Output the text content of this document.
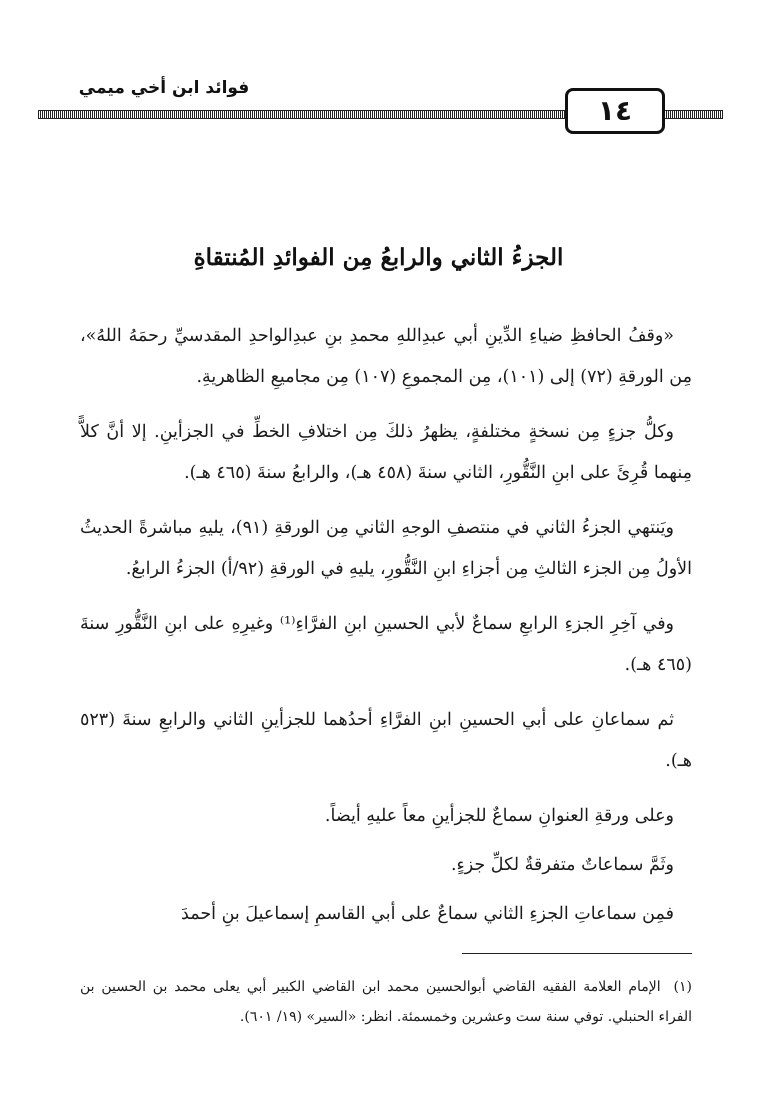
فوائد ابن أخي ميمي
١٤
الجزءُ الثاني والرابعُ مِن الفوائدِ المُنتقاةِ

«وقفُ الحافظِ ضياءِ الدِّينِ أبي عبدِاللهِ محمدِ بنِ عبدِالواحدِ المقدسيِّ رحمَهُ اللهُ»، مِن الورقةِ (٧٢) إلى (١٠١)، مِن المجموعِ (١٠٧) مِن مجاميعِ الظاهريةِ.

وكلُّ جزءٍ مِن نسخةٍ مختلفةٍ، يظهرُ ذلكَ مِن اختلافِ الخطِّ في الجزأينِ. إلا أنَّ كلاًّ مِنهما قُرِئَ على ابنِ النَّقُّورِ، الثاني سنةَ (٤٥٨ هـ)، والرابعُ سنةَ (٤٦٥ هـ).

ويَنتهي الجزءُ الثاني في منتصفِ الوجهِ الثاني مِن الورقةِ (٩١)، يليهِ مباشرةً الحديثُ الأولُ مِن الجزء الثالثِ مِن أجزاءِ ابنِ النَّقُّورِ، يليهِ في الورقةِ (٩٢/أ) الجزءُ الرابعُ.

وفي آخِرِ الجزءِ الرابعِ سماعٌ لأبي الحسينِ ابنِ الفرَّاءِ⁽¹⁾ وغيرِهِ على ابنِ النَّقُّورِ سنةَ (٤٦٥ هـ).

ثم سماعانِ على أبي الحسينِ ابنِ الفرَّاءِ أحدُهما للجزأينِ الثاني والرابعِ سنةَ (٥٢٣ هـ).

وعلى ورقةِ العنوانِ سماعٌ للجزأينِ معاً عليهِ أيضاً.

وثَمَّ سماعاتٌ متفرقةٌ لكلِّ جزءٍ.

فمِن سماعاتِ الجزءِ الثاني سماعٌ على أبي القاسمِ إسماعيلَ بنِ أحمدَ

(١) الإمام العلامة الفقيه القاضي أبوالحسين محمد ابن القاضي الكبير أبي يعلى محمد بن الحسين بن الفراء الحنبلي. توفي سنة ست وعشرين وخمسمئة. انظر: «السير» (١٩/ ٦٠١).
